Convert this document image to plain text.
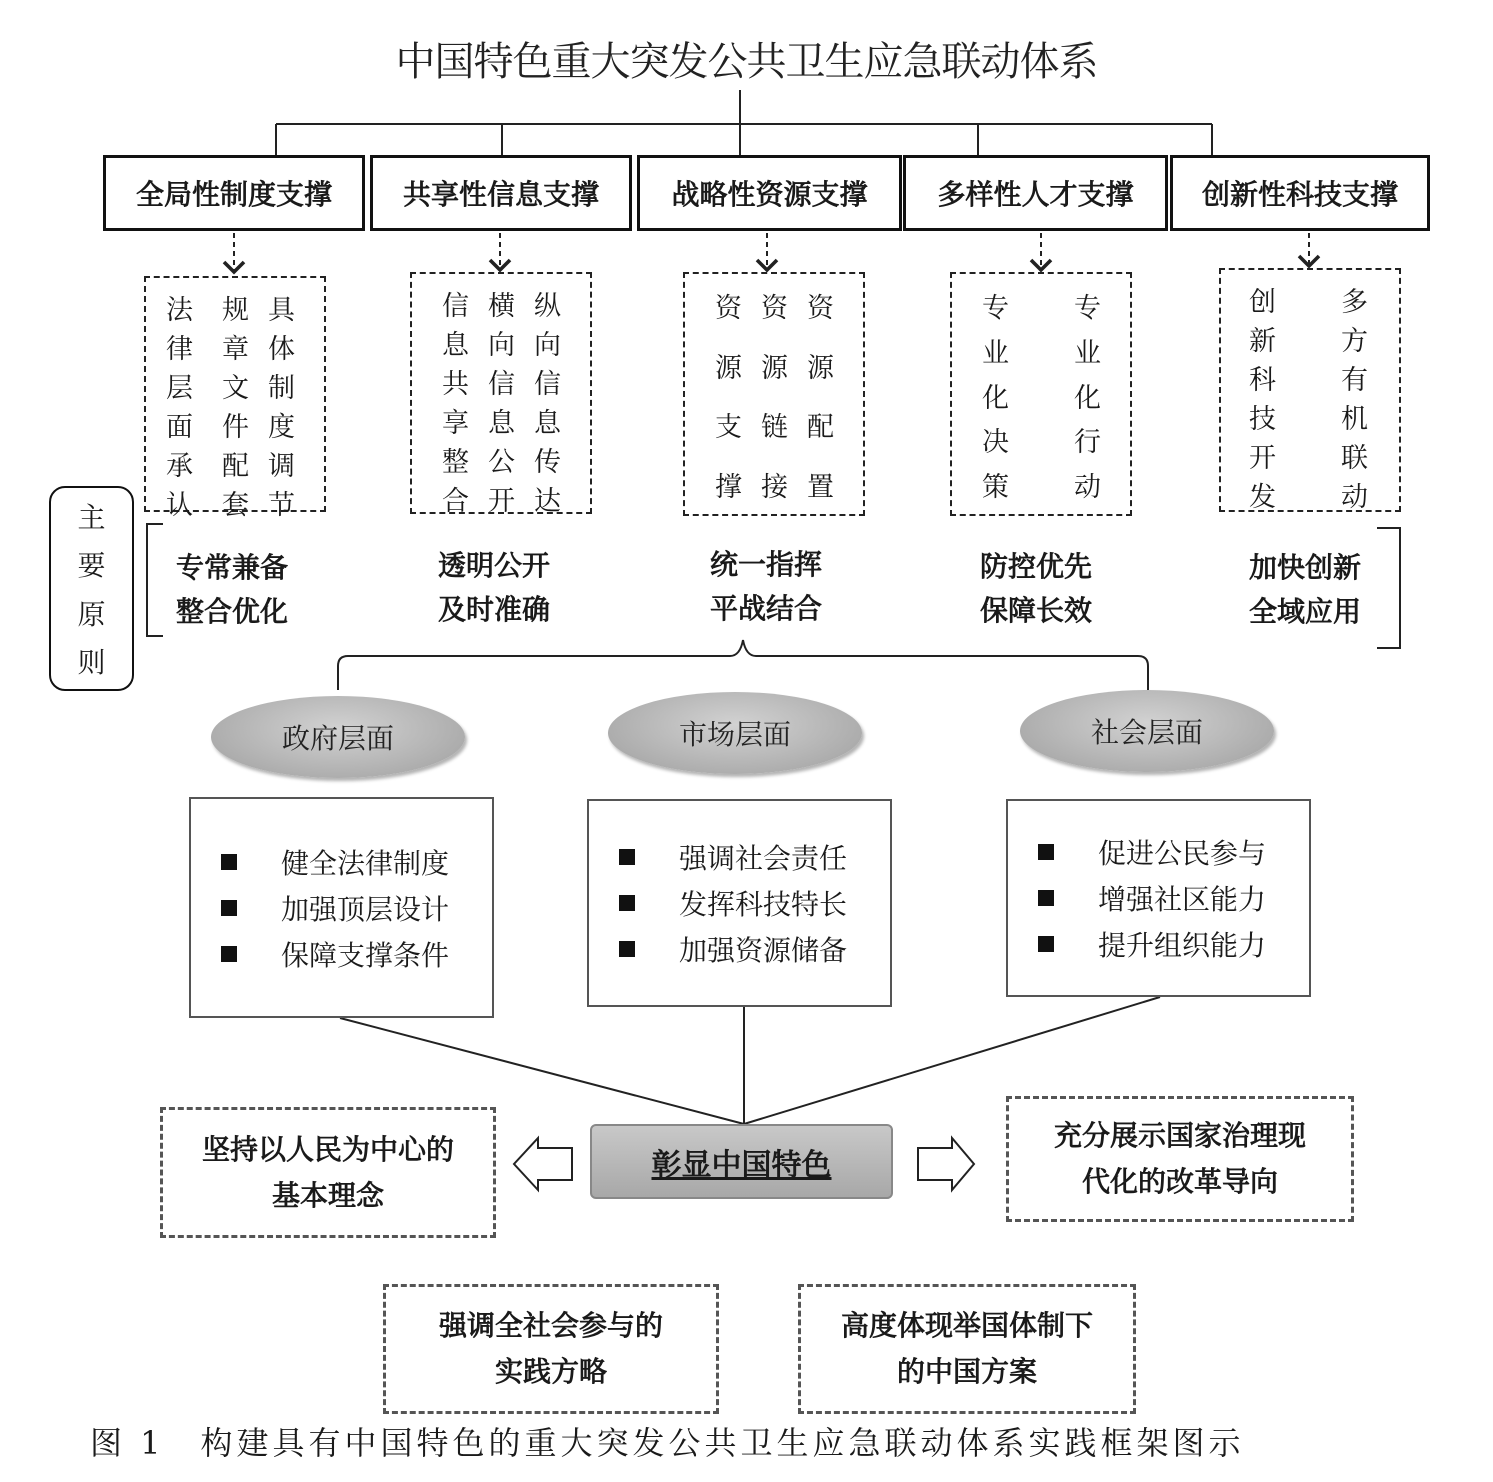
中国特色重大突发公共卫生应急联动体系
全局性制度支撑	共享性信息支撑	战略性资源支撑 多样性人才支撑 创新性科技支撑
法
律
层
面
承
认
规
章
文
件
配
套
具
体
制
度
调
节
信
息
共
享
整
合
横
向
信
息
公
开
纵
向
信
息
传
达
资
源
支
撑
资
源
链
接
资
源
配
置
专
业
化
决
策
专
业
化
行
动
创
新
科
技
开
发
多
方
有
机
联
动
主
要
原
则
专常兼备
整合优化
透明公开
及时准确
统一指挥
平战结合
防控优先
保障长效
加快创新
全域应用
政府层面	市场层面	社会层面
健全法律制度
加强顶层设计
保障支撑条件
强调社会责任
发挥科技特长
加强资源储备
促进公民参与
增强社区能力
提升组织能力
彰显中国特色
坚持以人民为中心的
基本理念
充分展示国家治理现
代化的改革导向
强调全社会参与的
实践方略
高度体现举国体制下
的中国方案
图 1　构建具有中国特色的重大突发公共卫生应急联动体系实践框架图示
